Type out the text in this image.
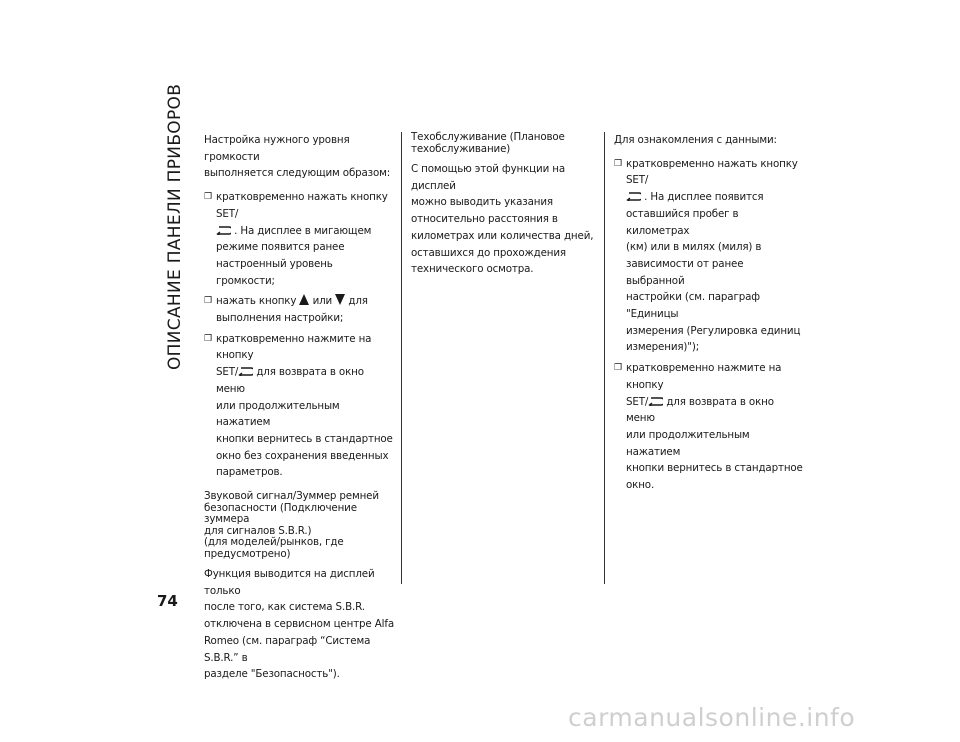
ОПИСАНИЕ ПАНЕЛИ ПРИБОРОВ Настройка нужного уровня громкости

выполняется следующим образом:

❒ кратковременно нажать кнопку SET/

. На дисплее в мигающем

режиме появится ранее

настроенный уровень громкости;

❒ нажать кнопку или для

выполнения настройки;

❒ кратковременно нажмите на кнопку

SET/ для возврата в окно меню

или продолжительным нажатием

кнопки вернитесь в стандартное

окно без сохранения введенных

параметров.

Звуковой сигнал/Зуммер ремней

безопасности (Подключение зуммера

для сигналов S.B.R.)

(для моделей/рынков, где

предусмотрено)

Функция выводится на дисплей только

после того, как система S.B.R.

отключена в сервисном центре Alfa

Romeo (см. параграф “Система S.B.R.” в

разделе "Безопасность").

Техобслуживание (Плановое

техобслуживание)

С помощью этой функции на дисплей

можно выводить указания

относительно расстояния в

километрах или количества дней,

оставшихся до прохождения

технического осмотра.

Для ознакомления с данными:

❒ кратковременно нажать кнопку SET/

. На дисплее появится

оставшийся пробег в километрах

(км) или в милях (миля) в

зависимости от ранее выбранной

настройки (см. параграф "Единицы

измерения (Регулировка единиц

измерения)");

❒ кратковременно нажмите на кнопку

SET/ для возврата в окно меню

или продолжительным нажатием

кнопки вернитесь в стандартное

окно.

74
carmanualsonline.info
